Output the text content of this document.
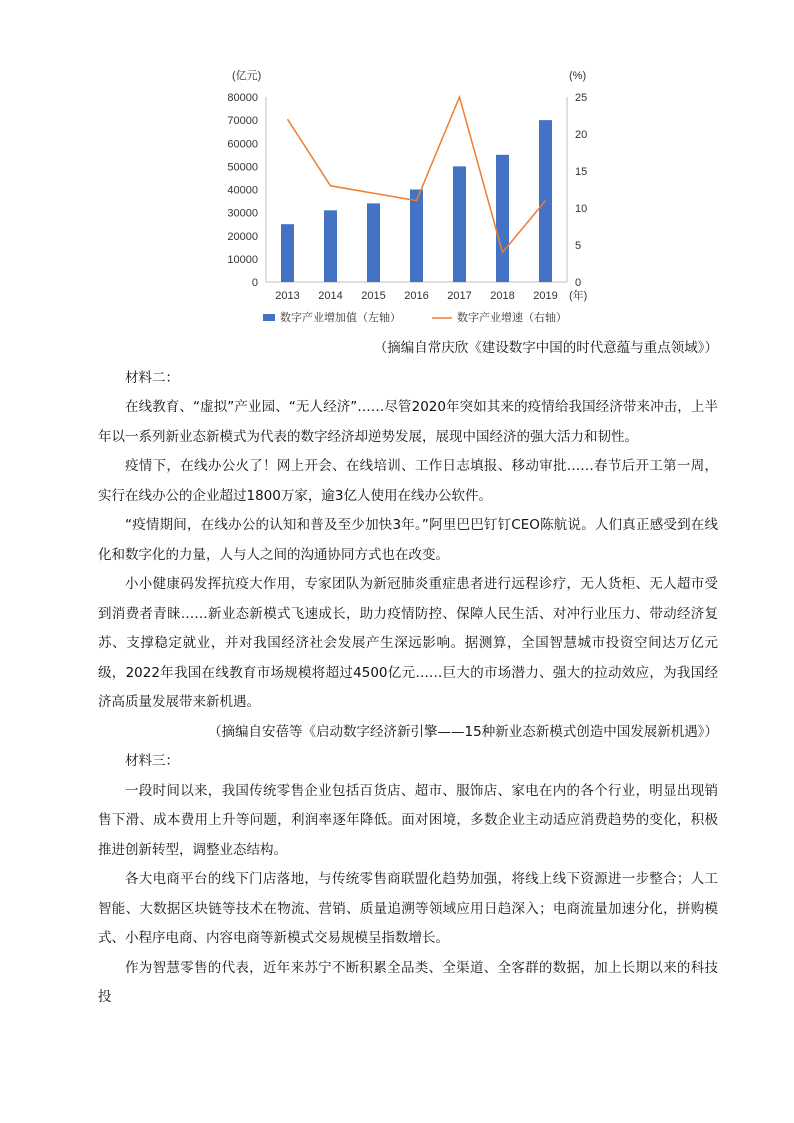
0
10000
20000
30000
40000
50000
60000
70000
80000
0
5
10
15
20
25
(亿元)	(%)
2013 2014 2015 2016 2017 2018 2019 (年)
数字产业增加值（左轴）	数字产业增速（右轴）

（摘编自常庆欣《建设数字中国的时代意蕴与重点领域》）

材料二：

在线教育、“虚拟”产业园、“无人经济”……尽管2020年突如其来的疫情给我国经济带来冲击，上半年以一系列新业态新模式为代表的数字经济却逆势发展，展现中国经济的强大活力和韧性。

疫情下，在线办公火了！网上开会、在线培训、工作日志填报、移动审批……春节后开工第一周，实行在线办公的企业超过1800万家，逾3亿人使用在线办公软件。

“疫情期间，在线办公的认知和普及至少加快3年。”阿里巴巴钉钉CEO陈航说。人们真正感受到在线化和数字化的力量，人与人之间的沟通协同方式也在改变。

小小健康码发挥抗疫大作用，专家团队为新冠肺炎重症患者进行远程诊疗，无人货柜、无人超市受到消费者青睐……新业态新模式飞速成长，助力疫情防控、保障人民生活、对冲行业压力、带动经济复苏、支撑稳定就业，并对我国经济社会发展产生深远影响。据测算，全国智慧城市投资空间达万亿元级，2022年我国在线教育市场规模将超过4500亿元……巨大的市场潜力、强大的拉动效应，为我国经济高质量发展带来新机遇。

（摘编自安蓓等《启动数字经济新引擎——15种新业态新模式创造中国发展新机遇》）

材料三：

一段时间以来，我国传统零售企业包括百货店、超市、服饰店、家电在内的各个行业，明显出现销售下滑、成本费用上升等问题，利润率逐年降低。面对困境，多数企业主动适应消费趋势的变化，积极推进创新转型，调整业态结构。

各大电商平台的线下门店落地，与传统零售商联盟化趋势加强，将线上线下资源进一步整合；人工智能、大数据区块链等技术在物流、营销、质量追溯等领域应用日趋深入；电商流量加速分化，拼购模式、小程序电商、内容电商等新模式交易规模呈指数增长。

作为智慧零售的代表，近年来苏宁不断积累全品类、全渠道、全客群的数据，加上长期以来的科技投
